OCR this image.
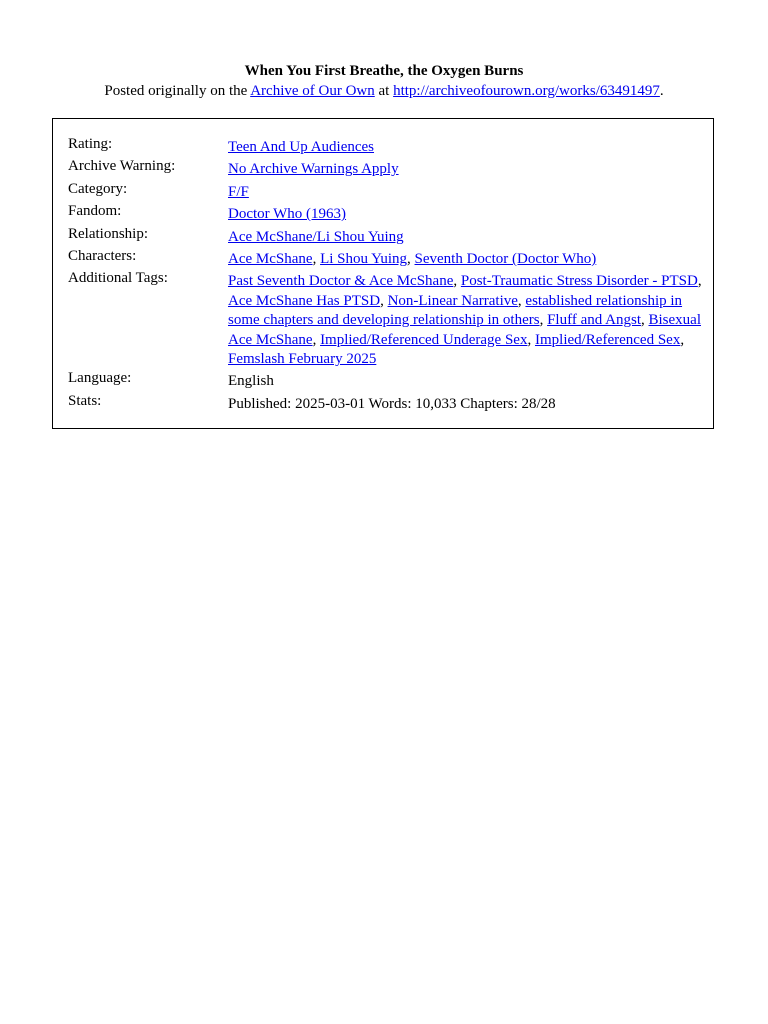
When You First Breathe, the Oxygen Burns
Posted originally on the Archive of Our Own at http://archiveofourown.org/works/63491497.
Rating:	Teen And Up Audiences
Archive Warning:	No Archive Warnings Apply
Category:	F/F
Fandom:	Doctor Who (1963)
Relationship:	Ace McShane/Li Shou Yuing
Characters:	Ace McShane, Li Shou Yuing, Seventh Doctor (Doctor Who)
Additional Tags:	Past Seventh Doctor & Ace McShane, Post-Traumatic Stress Disorder - PTSD, Ace McShane Has PTSD, Non-Linear Narrative, established relationship in some chapters and developing relationship in others, Fluff and Angst, Bisexual Ace McShane, Implied/Referenced Underage Sex, Implied/Referenced Sex, Femslash February 2025
Language:	English
Stats:	Published: 2025-03-01 Words: 10,033 Chapters: 28/28
